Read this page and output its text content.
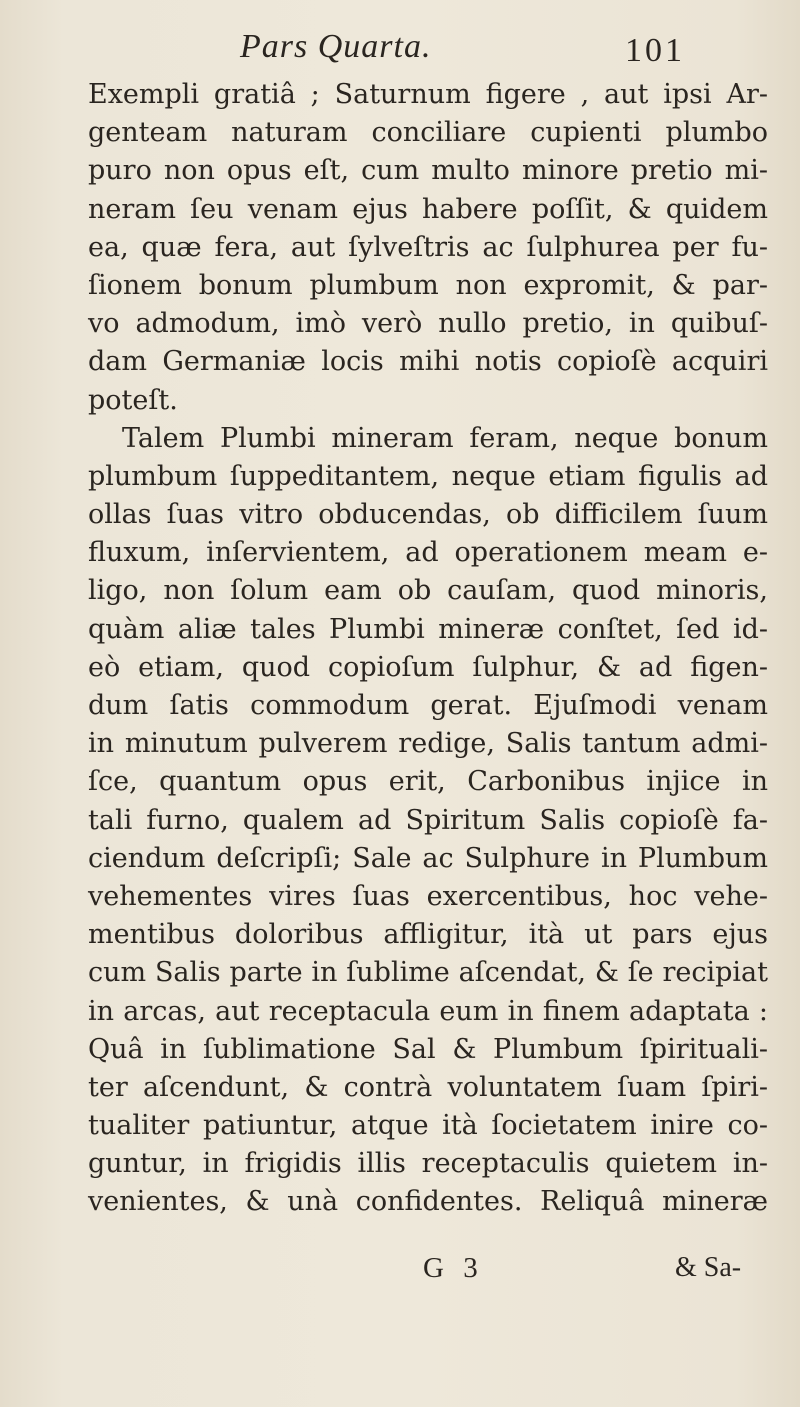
Pars Quarta.	101
Exempli gratiâ ; Saturnum figere , aut ipsi Ar-
genteam naturam conciliare cupienti plumbo
puro non opus eſt, cum multo minore pretio mi-
neram ſeu venam ejus habere poſſit, & quidem
ea, quæ fera, aut ſylveſtris ac ſulphurea per fu-
ſionem bonum plumbum non expromit, & par-
vo admodum, imò verò nullo pretio, in quibuſ-
dam Germaniæ locis mihi notis copioſè acquiri
poteſt.
Talem Plumbi mineram feram, neque bonum
plumbum ſuppeditantem, neque etiam figulis ad
ollas ſuas vitro obducendas, ob difficilem ſuum
fluxum, inſervientem, ad operationem meam e-
ligo, non ſolum eam ob cauſam, quod minoris,
quàm aliæ tales Plumbi mineræ conſtet, ſed id-
eò etiam, quod copioſum ſulphur, & ad figen-
dum ſatis commodum gerat. Ejuſmodi venam
in minutum pulverem redige, Salis tantum admi-
ſce, quantum opus erit, Carbonibus injice in
tali furno, qualem ad Spiritum Salis copioſè fa-
ciendum deſcripſi; Sale ac Sulphure in Plumbum
vehementes vires ſuas exercentibus, hoc vehe-
mentibus doloribus affligitur, ità ut pars ejus
cum Salis parte in ſublime aſcendat, & ſe recipiat
in arcas, aut receptacula eum in finem adaptata :
Quâ in ſublimatione Sal & Plumbum ſpirituali-
ter aſcendunt, & contrà voluntatem ſuam ſpiri-
tualiter patiuntur, atque ità ſocietatem inire co-
guntur, in frigidis illis receptaculis quietem in-
venientes, & unà confidentes. Reliquâ mineræ
G 3	& Sa-
